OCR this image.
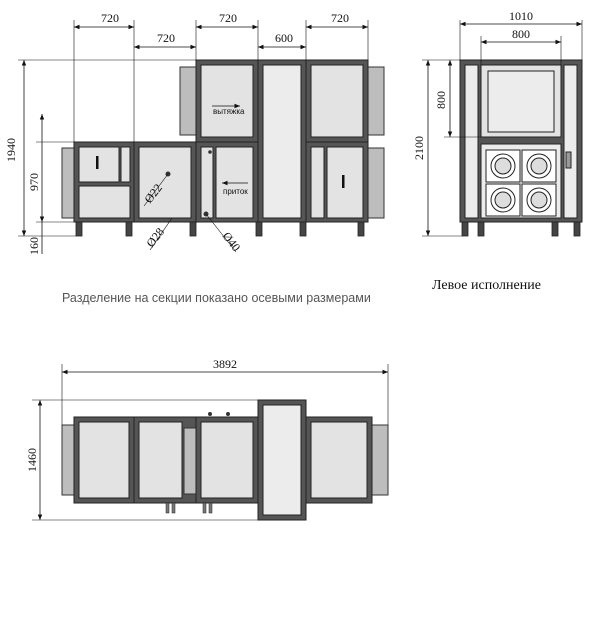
вытяжка
приток
720	720	720
720	600
1940
970
160
Ø22
Ø28	Ø40
1010
800
800
2100
Левое исполнение
Разделение на секции показано осевыми размерами
3892
1460
